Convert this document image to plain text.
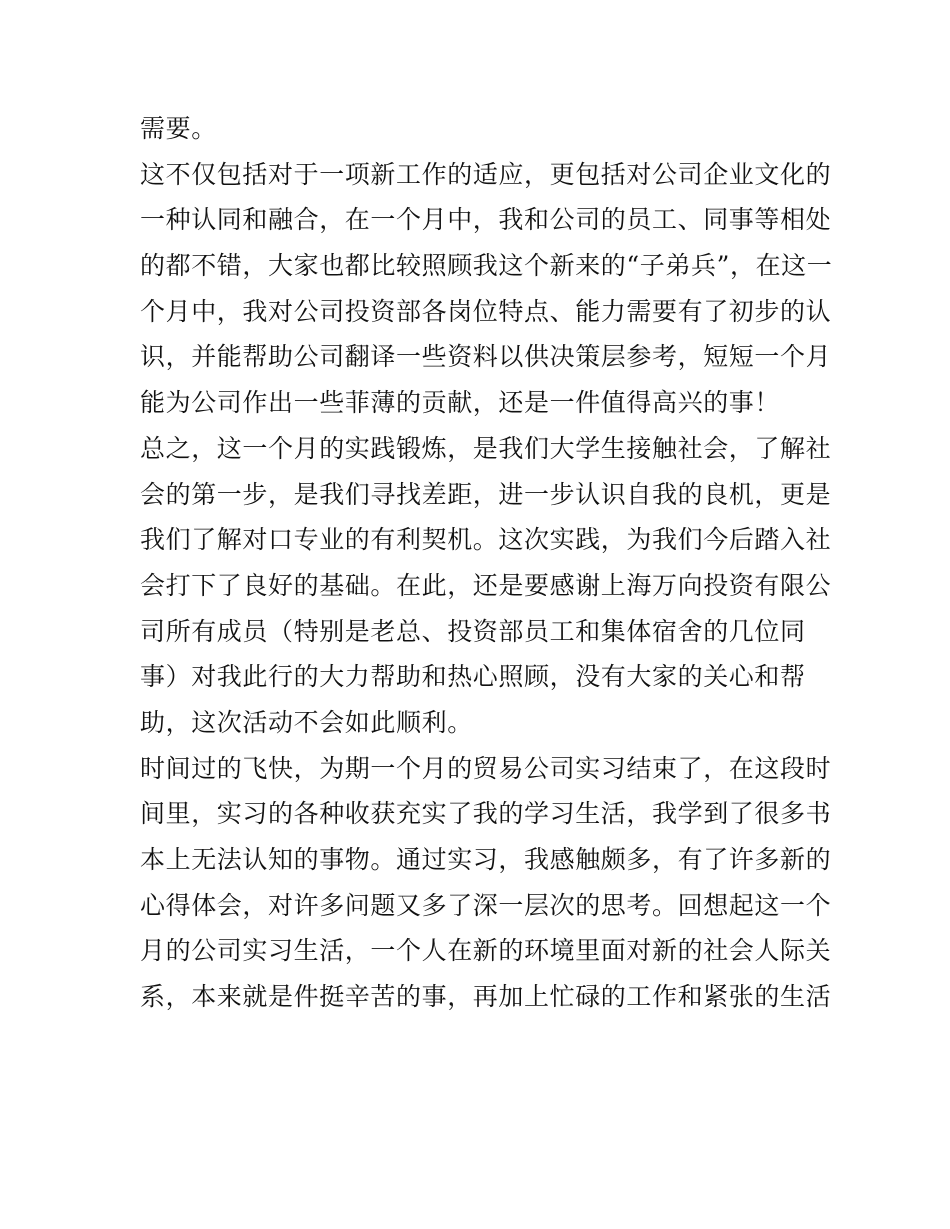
需要。
这不仅包括对于一项新工作的适应，更包括对公司企业文化的
一种认同和融合，在一个月中，我和公司的员工、同事等相处
的都不错，大家也都比较照顾我这个新来的“子弟兵”，在这一
个月中，我对公司投资部各岗位特点、能力需要有了初步的认
识，并能帮助公司翻译一些资料以供决策层参考，短短一个月
能为公司作出一些菲薄的贡献，还是一件值得高兴的事！
总之，这一个月的实践锻炼，是我们大学生接触社会，了解社
会的第一步，是我们寻找差距，进一步认识自我的良机，更是
我们了解对口专业的有利契机。这次实践，为我们今后踏入社
会打下了良好的基础。在此，还是要感谢上海万向投资有限公
司所有成员（特别是老总、投资部员工和集体宿舍的几位同
事）对我此行的大力帮助和热心照顾，没有大家的关心和帮
助，这次活动不会如此顺利。
时间过的飞快，为期一个月的贸易公司实习结束了，在这段时
间里，实习的各种收获充实了我的学习生活，我学到了很多书
本上无法认知的事物。通过实习，我感触颇多，有了许多新的
心得体会，对许多问题又多了深一层次的思考。回想起这一个
月的公司实习生活，一个人在新的环境里面对新的社会人际关
系，本来就是件挺辛苦的事，再加上忙碌的工作和紧张的生活
